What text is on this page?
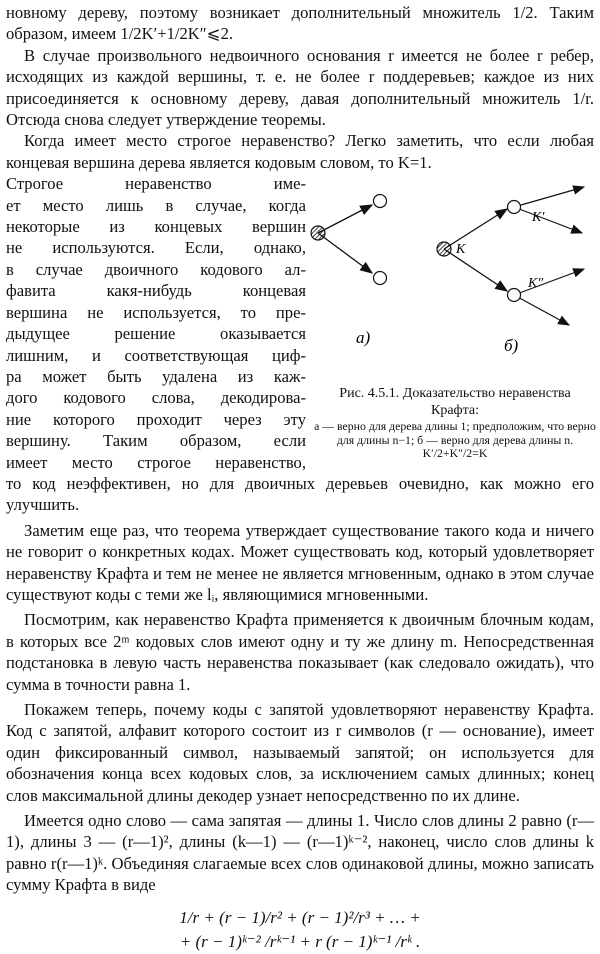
новному дереву, поэтому возникает дополнительный множитель 1/2. Таким образом, имеем 1/2K′+1/2K″⩽2.

В случае произвольного недвоичного основания r имеется не более r ребер, исходящих из каждой вершины, т. е. не более r поддеревьев; каждое из них присоединяется к основному дереву, давая дополнительный множитель 1/r. Отсюда снова следует утверждение теоремы.

Когда имеет место строгое неравенство? Легко заметить, что если любая концевая вершина дерева является кодовым словом, то K=1.

Строгое неравенство име-

ет место лишь в случае, когда

некоторые из концевых вершин

не используются. Если, однако,

в случае двоичного кодового ал-

фавита какя-нибудь концевая

вершина не используется, то пре-

дыдущее решение оказывается

лишним, и соответствующая циф-

ра может быть удалена из каж-

дого кодового слова, декодирова-

ние которого проходит через эту

вершину. Таким образом, если

имеет место строгое неравенство,

а)
K
K′
K″
б)
Рис. 4.5.1. Доказательство неравенства Крафта:
а — верно для дерева длины 1; предположим, что верно для длины n−1; б — верно для дерева длины n. K′/2+K″/2=K

то код неэффективен, но для двоичных деревьев очевидно, как можно его улучшить.

Заметим еще раз, что теорема утверждает существование такого кода и ничего не говорит о конкретных кодах. Может существовать код, который удовлетворяет неравенству Крафта и тем не менее не является мгновенным, однако в этом случае существуют коды с теми же lᵢ, являющимися мгновенными.

Посмотрим, как неравенство Крафта применяется к двоичным блочным кодам, в которых все 2ᵐ кодовых слов имеют одну и ту же длину m. Непосредственная подстановка в левую часть неравенства показывает (как следовало ожидать), что сумма в точности равна 1.

Покажем теперь, почему коды с запятой удовлетворяют неравенству Крафта. Код с запятой, алфавит которого состоит из r символов (r — основание), имеет один фиксированный символ, называемый запятой; он используется для обозначения конца всех кодовых слов, за исключением самых длинных; конец слов максимальной длины декодер узнает непосредственно по их длине.

Имеется одно слово — сама запятая — длины 1. Число слов длины 2 равно (r—1), длины 3 — (r—1)², длины (k—1) — (r—1)ᵏ⁻², наконец, число слов длины k равно r(r—1)ᵏ. Объединяя слагаемые всех слов одинаковой длины, можно записать сумму Крафта в виде

1/r + (r − 1)/r² + (r − 1)²/r³ + … +
+ (r − 1)ᵏ⁻² /rᵏ⁻¹ + r (r − 1)ᵏ⁻¹ /rᵏ .
